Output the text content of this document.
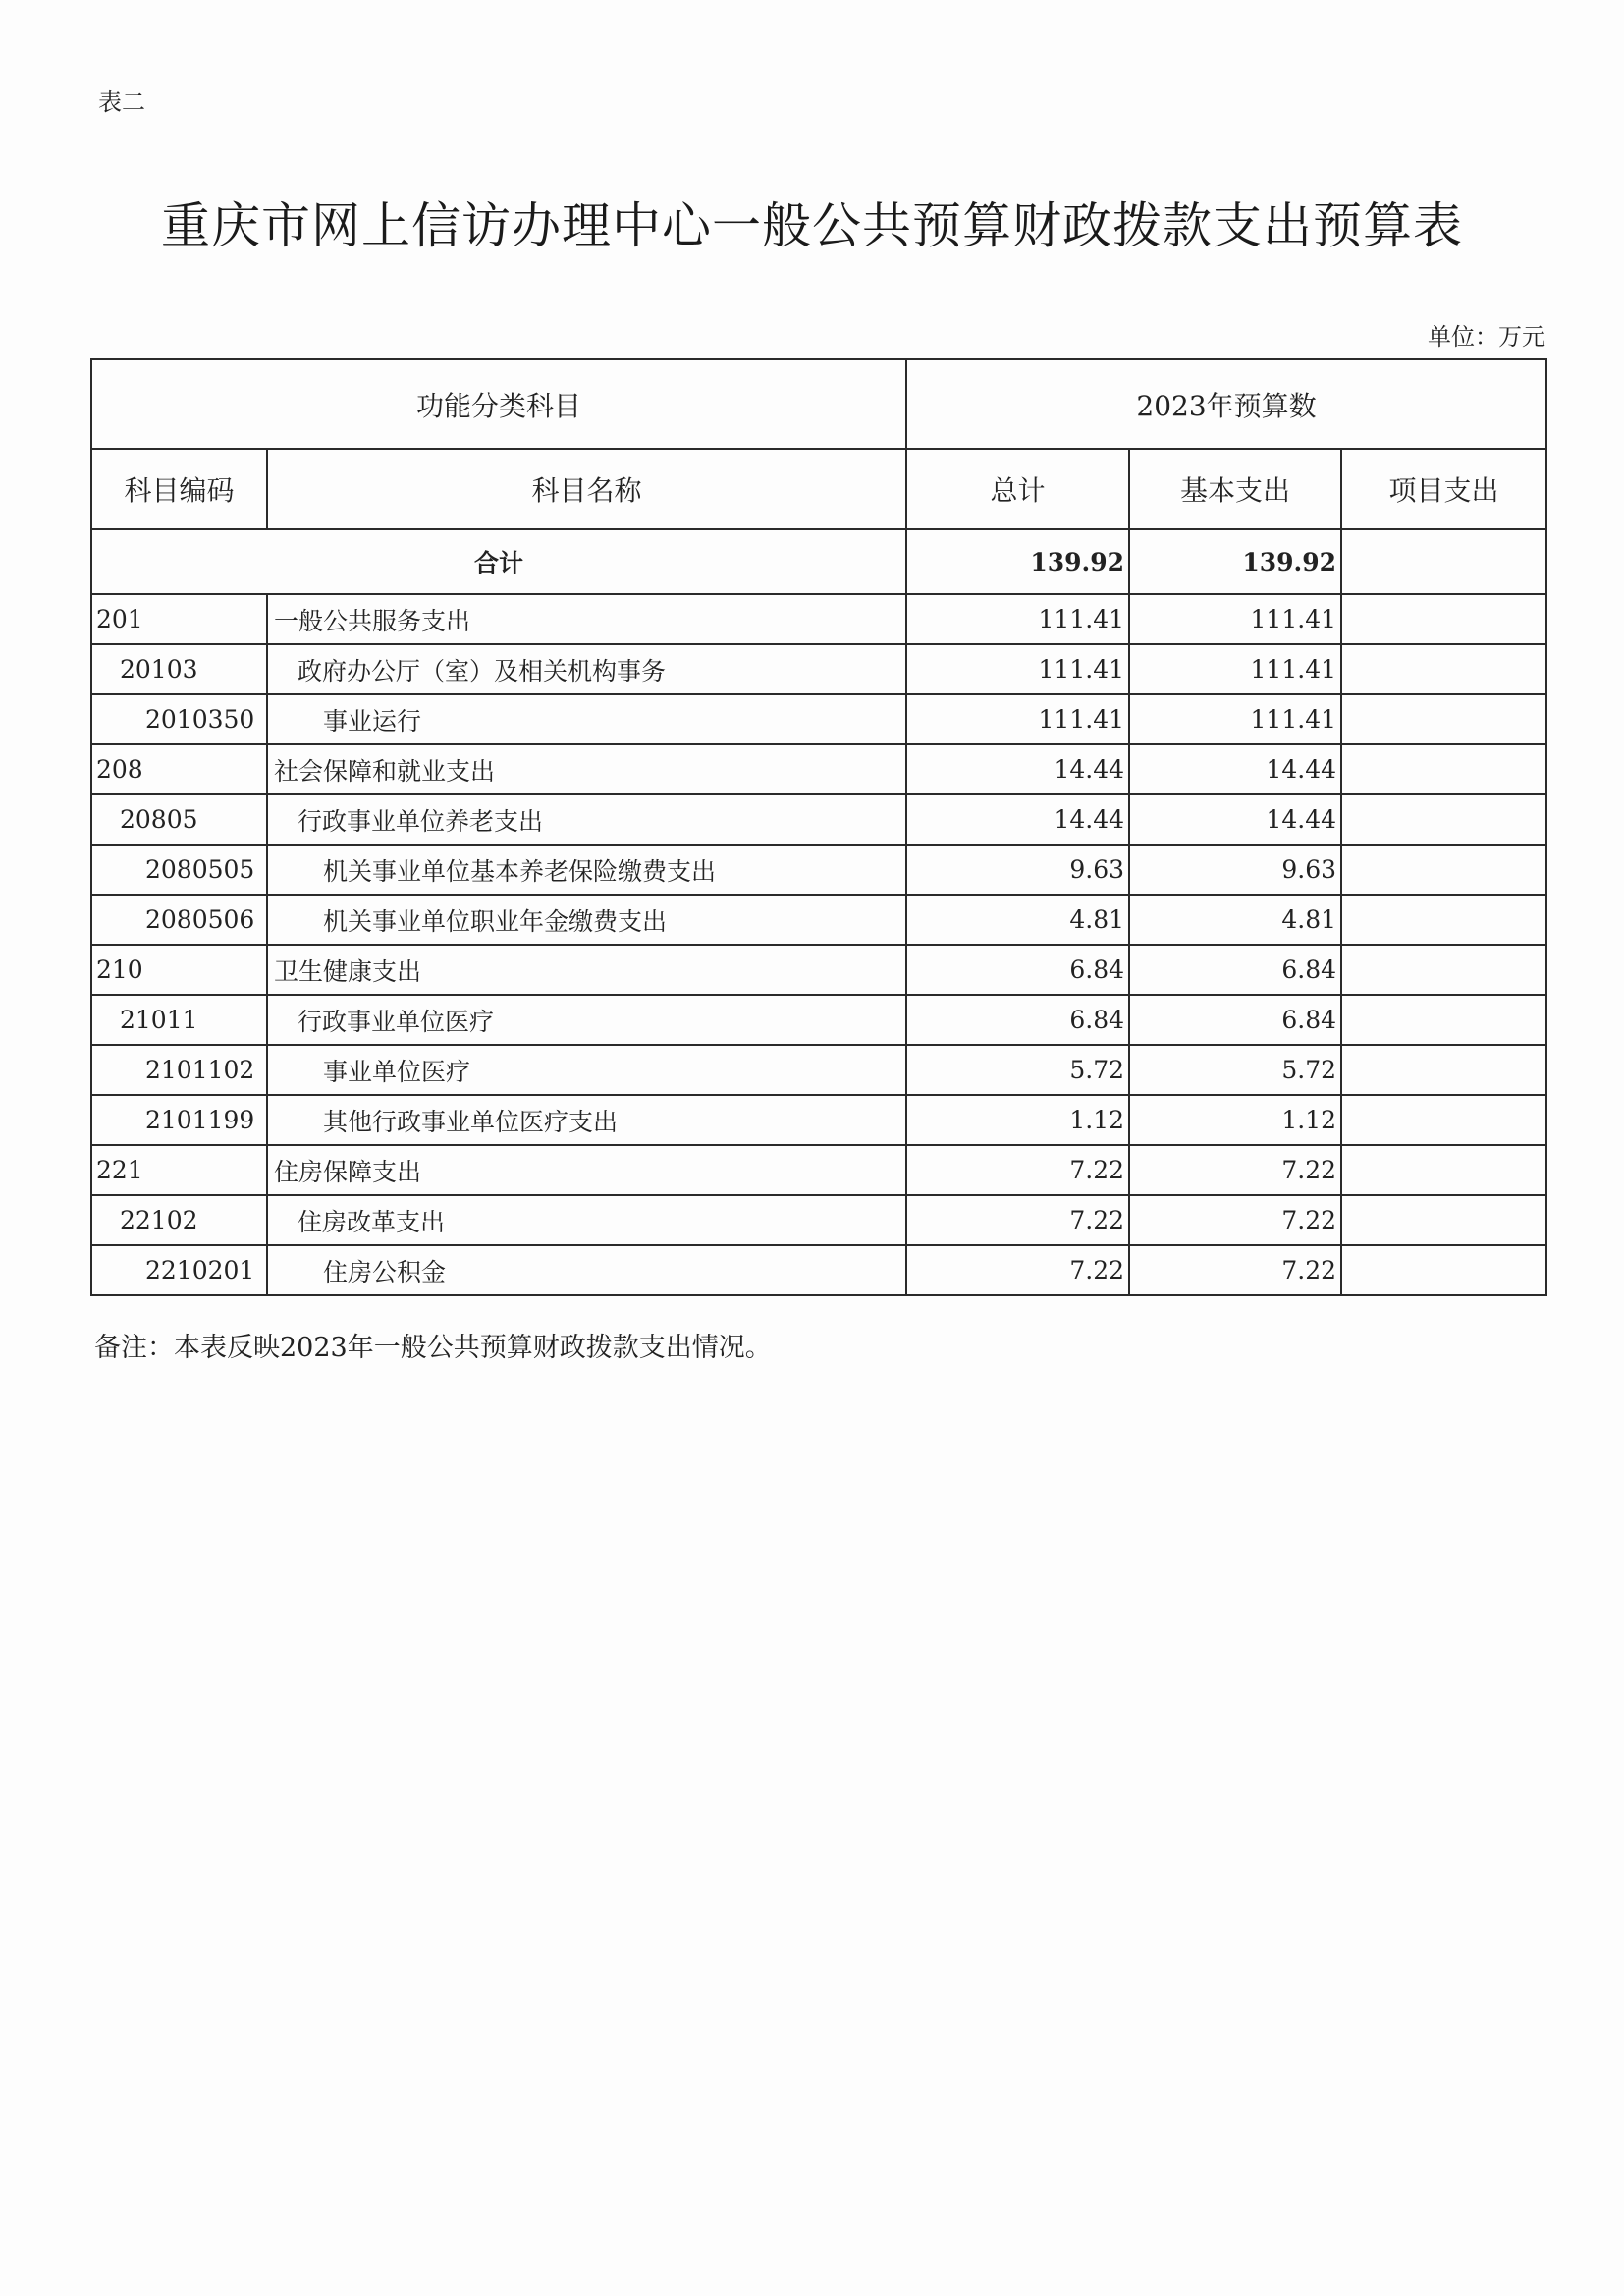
表二
重庆市网上信访办理中心一般公共预算财政拨款支出预算表
单位：万元
功能分类科目		2023年预算数		
科目编码	科目名称	总计	基本支出	项目支出
合计		139.92	139.92	
201	一般公共服务支出	111.41	111.41	
20103	政府办公厅（室）及相关机构事务	111.41	111.41	
2010350	事业运行	111.41	111.41	
208	社会保障和就业支出	14.44	14.44	
20805	行政事业单位养老支出	14.44	14.44	
2080505	机关事业单位基本养老保险缴费支出	9.63	9.63	
2080506	机关事业单位职业年金缴费支出	4.81	4.81	
210	卫生健康支出	6.84	6.84	
21011	行政事业单位医疗	6.84	6.84	
2101102	事业单位医疗	5.72	5.72	
2101199	其他行政事业单位医疗支出	1.12	1.12	
221	住房保障支出	7.22	7.22	
22102	住房改革支出	7.22	7.22	
2210201	住房公积金	7.22	7.22	
备注：本表反映2023年一般公共预算财政拨款支出情况。
